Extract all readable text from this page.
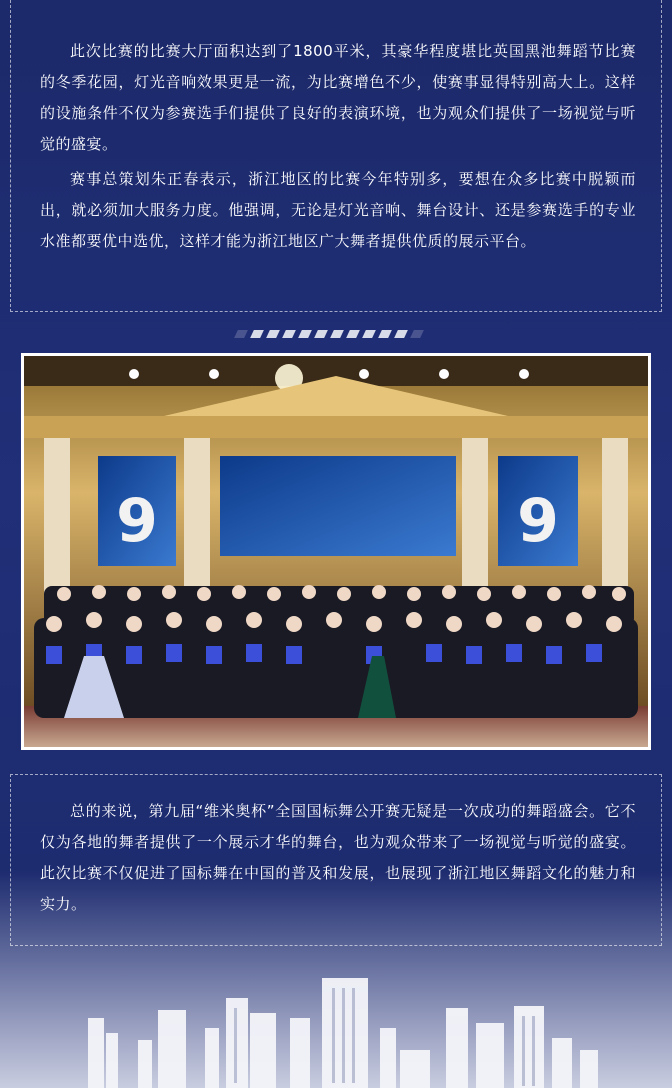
此次比赛的比赛大厅面积达到了1800平米，其豪华程度堪比英国黑池舞蹈节比赛的冬季花园，灯光音响效果更是一流，为比赛增色不少，使赛事显得特别高大上。这样的设施条件不仅为参赛选手们提供了良好的表演环境，也为观众们提供了一场视觉与听觉的盛宴。

赛事总策划朱正春表示，浙江地区的比赛今年特别多，要想在众多比赛中脱颖而出，就必须加大服务力度。他强调，无论是灯光音响、舞台设计、还是参赛选手的专业水准都要优中选优，这样才能为浙江地区广大舞者提供优质的展示平台。

9	9

总的来说，第九届“维米奥杯”全国国标舞公开赛无疑是一次成功的舞蹈盛会。它不仅为各地的舞者提供了一个展示才华的舞台，也为观众带来了一场视觉与听觉的盛宴。此次比赛不仅促进了国标舞在中国的普及和发展，也展现了浙江地区舞蹈文化的魅力和实力。
